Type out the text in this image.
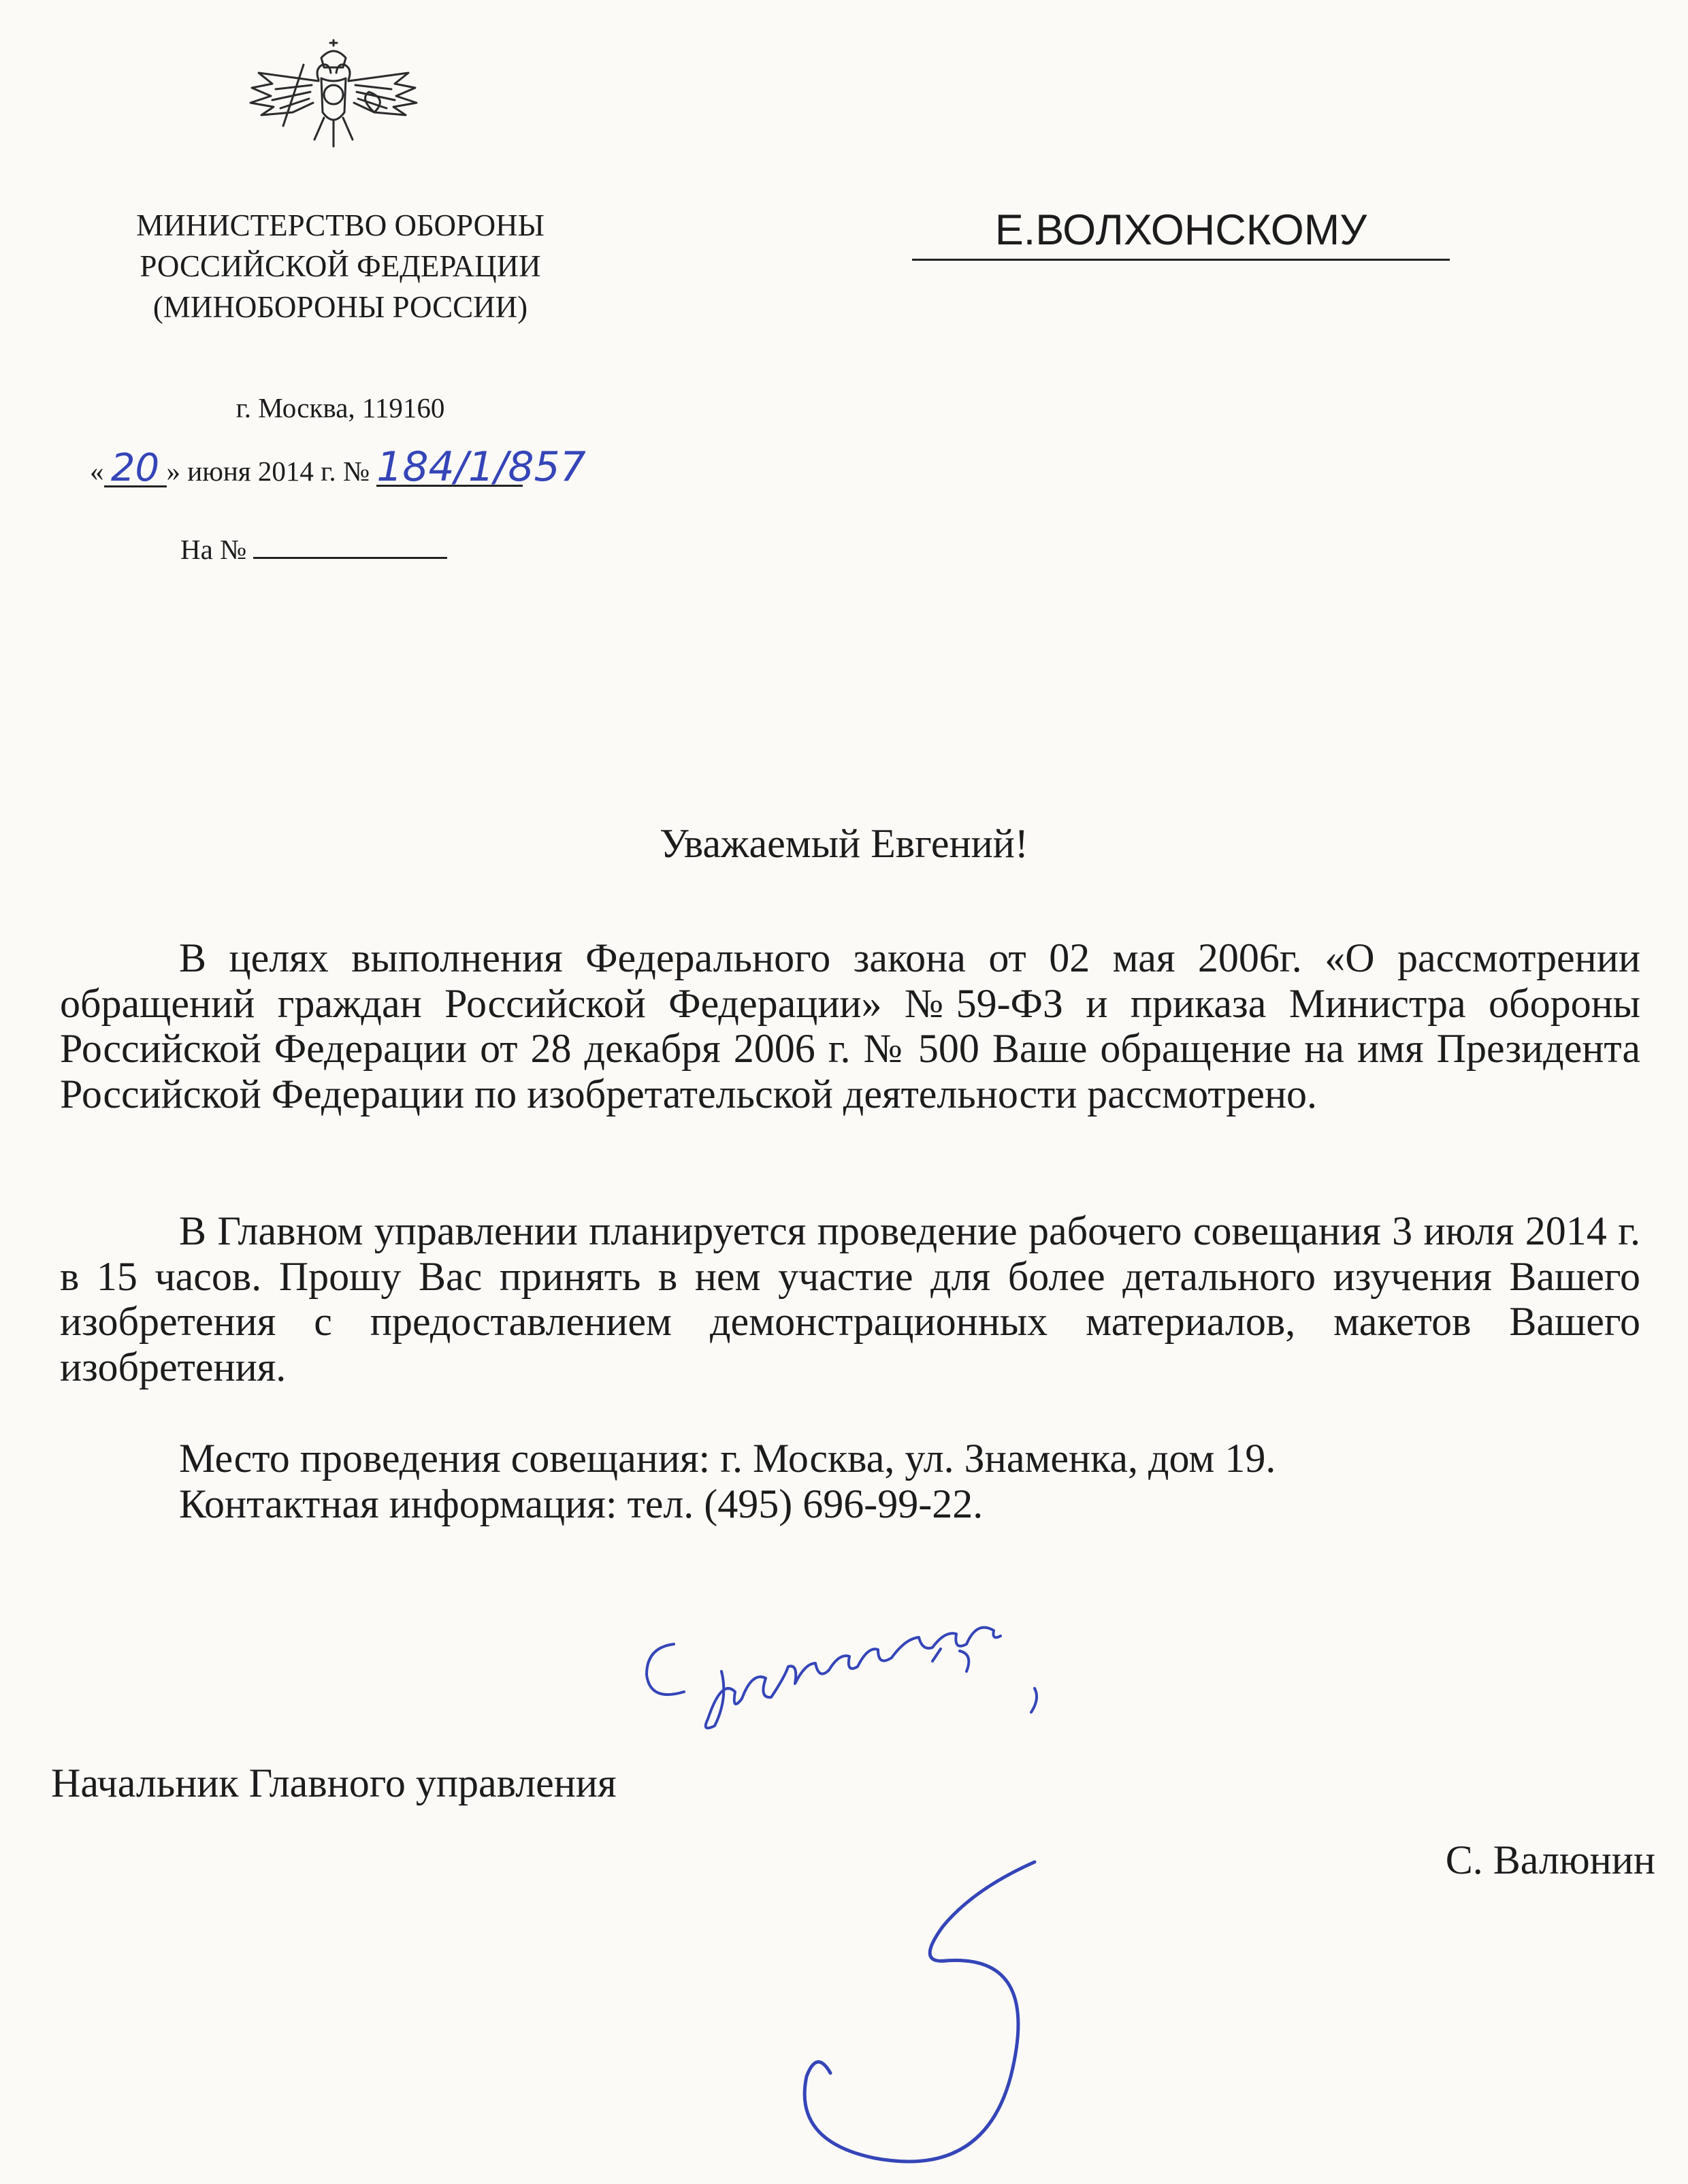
МИНИСТЕРСТВО ОБОРОНЫ
РОССИЙСКОЙ ФЕДЕРАЦИИ
(МИНОБОРОНЫ РОССИИ)
г. Москва, 119160
« 20 » июня 2014 г. № 184/1/857
На №
Е.ВОЛХОНСКОМУ
Уважаемый Евгений!

В целях выполнения Федерального закона от 02 мая 2006г. «О рассмотрении обращений граждан Российской Федерации» №59-ФЗ и приказа Министра обороны Российской Федерации от 28 декабря 2006 г. № 500 Ваше обращение на имя Президента Российской Федерации по изобретательской деятельности рассмотрено.

В Главном управлении планируется проведение рабочего совещания 3 июля 2014 г. в 15 часов. Прошу Вас принять в нем участие для более детального изучения Вашего изобретения с предоставлением демонстрационных материалов, макетов Вашего изобретения.

Место проведения совещания: г. Москва, ул. Знаменка, дом 19.
Контактная информация: тел. (495) 696-99-22.
Начальник Главного управления
С. Валюнин
